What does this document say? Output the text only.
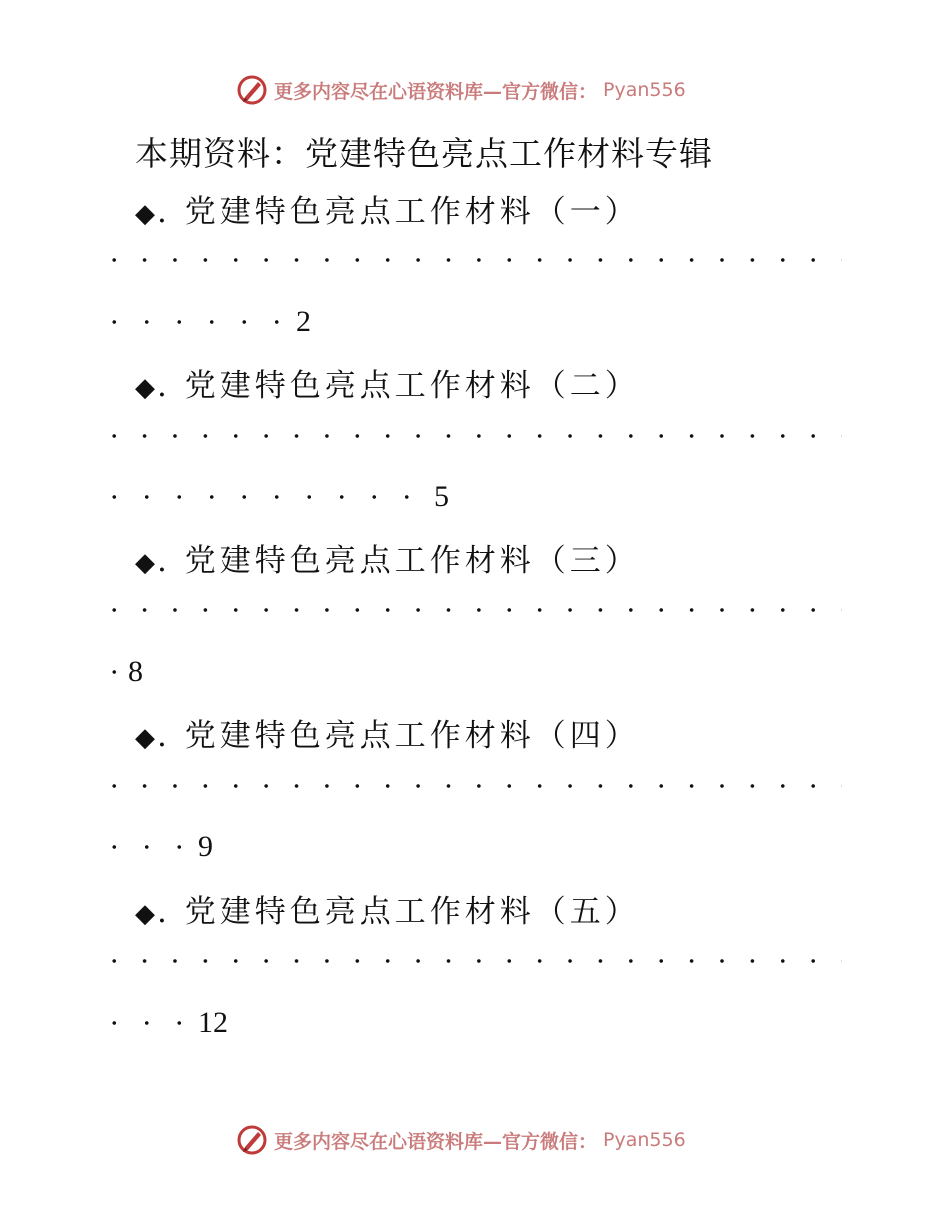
更多内容尽在心语资料库—官方微信： Pyan556
本期资料：党建特色亮点工作材料专辑
◆. 党建特色亮点工作材料（一）
2
◆. 党建特色亮点工作材料（二）
5
◆. 党建特色亮点工作材料（三）
8
◆. 党建特色亮点工作材料（四）
9
◆. 党建特色亮点工作材料（五）
12
更多内容尽在心语资料库—官方微信： Pyan556
